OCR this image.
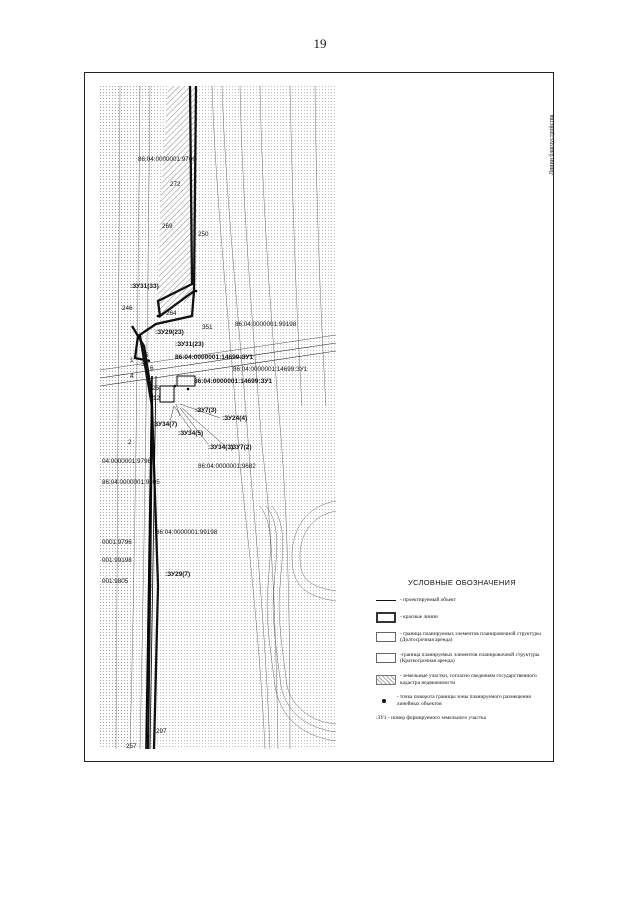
19
86:04:0000001:9706
272
269
250
:ЗУ31(33)
246
264
351	86:04:0000001:99198
:ЗУ29(23)
:ЗУ31(23)
86:04:0000001:14699:ЗУ1
86:04:0000001:14699:ЗУ1
86:04:0000001:14699:ЗУ1
:ЗУ7(3)
:ЗУ24(4)
:ЗУ34(7)
:ЗУ34(5)
:ЗУ34(3)
:ЗУ7(2)
86:04:0000001:9682
04:0000001:9796
86:04:0000001:9805
86:04:0000001:99198
0001:9796
001:99198
001:9805
:ЗУ29(7)
297
257
1
3
4
5
6
25
12
2
Линии благоустройства
УСЛОВНЫЕ ОБОЗНАЧЕНИЯ
- проектируемый объект
- красные линии
- граница планируемых элементов планировочной структуры (Долгосрочная аренда)
-граница планируемых элементов планировочной структуры (Краткосрочная аренда)
- земельные участки, согласно сведениям государственного кадастра недвижимости
- точка поворота границы зоны планируемого размещения линейных объектов
:ЗУ1 - номер формируемого земельного участка
